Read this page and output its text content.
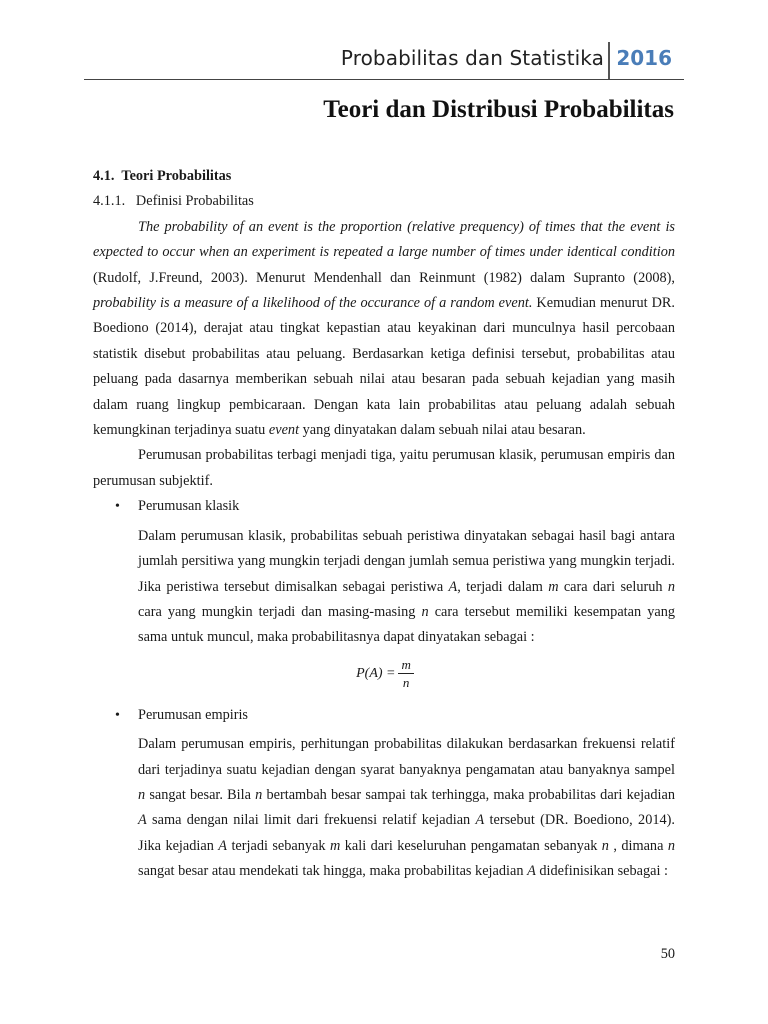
Probabilitas dan Statistika 2016
Teori dan Distribusi Probabilitas

4.1. Teori Probabilitas

4.1.1. Definisi Probabilitas

The probability of an event is the proportion (relative prequency) of times that the event is expected to occur when an experiment is repeated a large number of times under identical condition (Rudolf, J.Freund, 2003). Menurut Mendenhall dan Reinmunt (1982) dalam Supranto (2008), probability is a measure of a likelihood of the occurance of a random event. Kemudian menurut DR. Boediono (2014), derajat atau tingkat kepastian atau keyakinan dari munculnya hasil percobaan statistik disebut probabilitas atau peluang. Berdasarkan ketiga definisi tersebut, probabilitas atau peluang pada dasarnya memberikan sebuah nilai atau besaran pada sebuah kejadian yang masih dalam ruang lingkup pembicaraan. Dengan kata lain probabilitas atau peluang adalah sebuah kemungkinan terjadinya suatu event yang dinyatakan dalam sebuah nilai atau besaran.

Perumusan probabilitas terbagi menjadi tiga, yaitu perumusan klasik, perumusan empiris dan perumusan subjektif.

• Perumusan klasik

Dalam perumusan klasik, probabilitas sebuah peristiwa dinyatakan sebagai hasil bagi antara jumlah persitiwa yang mungkin terjadi dengan jumlah semua peristiwa yang mungkin terjadi. Jika peristiwa tersebut dimisalkan sebagai peristiwa A, terjadi dalam m cara dari seluruh n cara yang mungkin terjadi dan masing-masing n cara tersebut memiliki kesempatan yang sama untuk muncul, maka probabilitasnya dapat dinyatakan sebagai :

$P(A) = \frac{m}{n}$

• Perumusan empiris

Dalam perumusan empiris, perhitungan probabilitas dilakukan berdasarkan frekuensi relatif dari terjadinya suatu kejadian dengan syarat banyaknya pengamatan atau banyaknya sampel n sangat besar. Bila n bertambah besar sampai tak terhingga, maka probabilitas dari kejadian A sama dengan nilai limit dari frekuensi relatif kejadian A tersebut (DR. Boediono, 2014). Jika kejadian A terjadi sebanyak m kali dari keseluruhan pengamatan sebanyak n , dimana n sangat besar atau mendekati tak hingga, maka probabilitas kejadian A didefinisikan sebagai :

50
